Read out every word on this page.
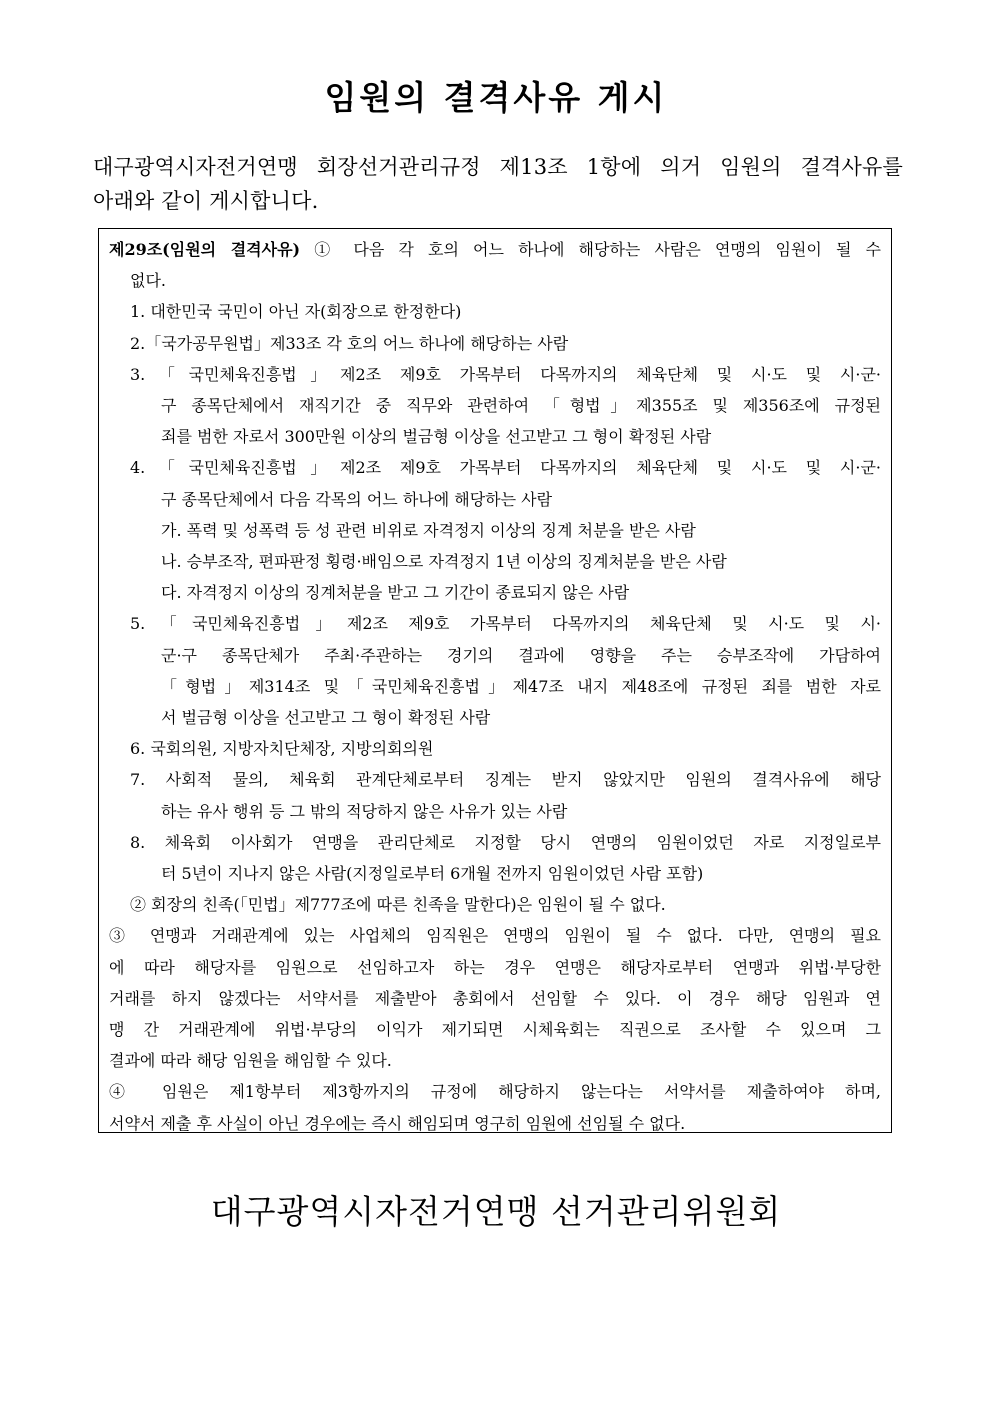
임원의 결격사유 게시
대구광역시자전거연맹 회장선거관리규정 제13조 1항에 의거 임원의 결격사유를
아래와 같이 게시합니다.
제29조(임원의 결격사유) ① 다음 각 호의 어느 하나에 해당하는 사람은 연맹의 임원이 될 수
없다.
1. 대한민국 국민이 아닌 자(회장으로 한정한다)
2.「국가공무원법」제33조 각 호의 어느 하나에 해당하는 사람
3.「국민체육진흥법」제2조 제9호 가목부터 다목까지의 체육단체 및 시·도 및 시·군·
구 종목단체에서 재직기간 중 직무와 관련하여 「형법」제355조 및 제356조에 규정된
죄를 범한 자로서 300만원 이상의 벌금형 이상을 선고받고 그 형이 확정된 사람
4.「국민체육진흥법」제2조 제9호 가목부터 다목까지의 체육단체 및 시·도 및 시·군·
구 종목단체에서 다음 각목의 어느 하나에 해당하는 사람
가. 폭력 및 성폭력 등 성 관련 비위로 자격정지 이상의 징계 처분을 받은 사람
나. 승부조작, 편파판정 횡령·배임으로 자격정지 1년 이상의 징계처분을 받은 사람
다. 자격정지 이상의 징계처분을 받고 그 기간이 종료되지 않은 사람
5.「국민체육진흥법」제2조 제9호 가목부터 다목까지의 체육단체 및 시·도 및 시·
군·구 종목단체가 주최·주관하는 경기의 결과에 영향을 주는 승부조작에 가담하여
「형법」제314조 및「국민체육진흥법」제47조 내지 제48조에 규정된 죄를 범한 자로
서 벌금형 이상을 선고받고 그 형이 확정된 사람
6. 국회의원, 지방자치단체장, 지방의회의원
7. 사회적 물의, 체육회 관계단체로부터 징계는 받지 않았지만 임원의 결격사유에 해당
하는 유사 행위 등 그 밖의 적당하지 않은 사유가 있는 사람
8. 체육회 이사회가 연맹을 관리단체로 지정할 당시 연맹의 임원이었던 자로 지정일로부
터 5년이 지나지 않은 사람(지정일로부터 6개월 전까지 임원이었던 사람 포함)
② 회장의 친족(「민법」제777조에 따른 친족을 말한다)은 임원이 될 수 없다.
③ 연맹과 거래관계에 있는 사업체의 임직원은 연맹의 임원이 될 수 없다. 다만, 연맹의 필요
에 따라 해당자를 임원으로 선임하고자 하는 경우 연맹은 해당자로부터 연맹과 위법·부당한
거래를 하지 않겠다는 서약서를 제출받아 총회에서 선임할 수 있다. 이 경우 해당 임원과 연
맹 간 거래관계에 위법·부당의 이익가 제기되면 시체육회는 직권으로 조사할 수 있으며 그
결과에 따라 해당 임원을 해임할 수 있다.
④ 임원은 제1항부터 제3항까지의 규정에 해당하지 않는다는 서약서를 제출하여야 하며,
서약서 제출 후 사실이 아닌 경우에는 즉시 해임되며 영구히 임원에 선임될 수 없다.
대구광역시자전거연맹 선거관리위원회
